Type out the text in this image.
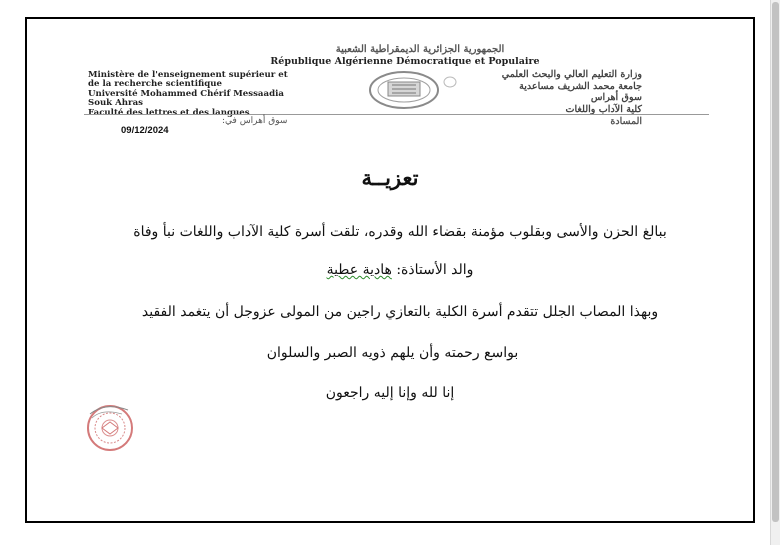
الجمهورية الجزائرية الديمقراطية الشعبية
République Algérienne Démocratique et Populaire
Ministère de l'enseignement supérieur et
de la recherche scientifique
Université Mohammed Chérif Messaadia
Souk Ahras
Faculté des lettres et des langues
وزارة التعليم العالي والبحث العلمي
جامعة محمد الشريف مساعدية
سوق أهراس
كلية الآداب واللغات
سوق أهراس في:	المسادة
09/12/2024
تعزيــة
ببالغ الحزن والأسى وبقلوب مؤمنة بقضاء الله وقدره، تلقت أسرة كلية الآداب واللغات نبأ وفاة
والد الأستاذة: هادية عطية
وبهذا المصاب الجلل تتقدم أسرة الكلية بالتعازي راجين من المولى عزوجل أن يتغمد الفقيد
بواسع رحمته وأن يلهم ذويه الصبر والسلوان
إنا لله وإنا إليه راجعون
